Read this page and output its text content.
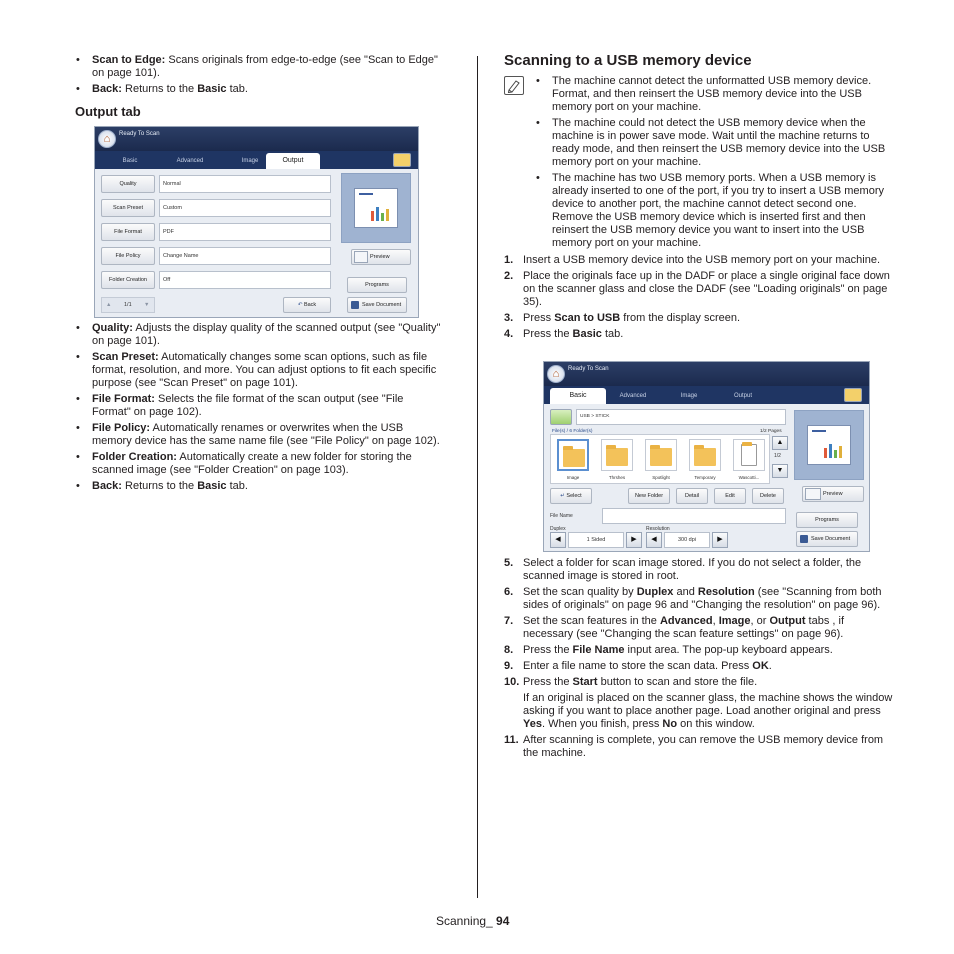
• Scan to Edge: Scans originals from edge-to-edge (see "Scan to Edge" on page 101).
• Back: Returns to the Basic tab.
Output tab
• Quality: Adjusts the display quality of the scanned output (see "Quality" on page 101).
• Scan Preset: Automatically changes some scan options, such as file format, resolution, and more. You can adjust options to fit each specific purpose (see "Scan Preset" on page 101).
• File Format: Selects the file format of the scan output (see "File Format" on page 102).
• File Policy: Automatically renames or overwrites when the USB memory device has the same name file (see "File Policy" on page 102).
• Folder Creation: Automatically create a new folder for storing the scanned image (see "Folder Creation" on page 103).
• Back: Returns to the Basic tab.
⌂	Ready To Scan
Basic	Advanced	Image	Output
Quality	Normal
Scan Preset	Custom
File Format	PDF
File Policy	Change Name
Folder Creation	Off
▲ 1/1 ▼	↶ Back
Preview
Programs
Save Document
Scanning to a USB memory device
• The machine cannot detect the unformatted USB memory device. Format, and then reinsert the USB memory device into the USB memory port on your machine.
• The machine could not detect the USB memory device when the machine is in power save mode. Wait until the machine returns to ready mode, and then reinsert the USB memory device into the USB memory port on your machine.
• The machine has two USB memory ports. When a USB memory is already inserted to one of the port, if you try to insert a USB memory device to another port, the machine cannot detect second one. Remove the USB memory device which is inserted first and then reinsert the USB memory device you want to insert into the USB memory port on your machine.
1. Insert a USB memory device into the USB memory port on your machine.
2. Place the originals face up in the DADF or place a single original face down on the scanner glass and close the DADF (see "Loading originals" on page 35).
3. Press Scan to USB from the display screen.
4. Press the Basic tab.
⌂	Ready To Scan
Basic	Advanced	Image	Output
USB > STICK
File(s) / 6 Folder(s)	1/2 Pages
Image	Thrshes	Spotlight	Temporary	Wascotti...
▲
1/2
▼
↵ Select	New Folder	Detail	Edit	Delete
File Name
Duplex
◀	1 Sided	▶
Resolution
◀	300 dpi	▶
Preview
Programs
Save Document
5. Select a folder for scan image stored. If you do not select a folder, the scanned image is stored in root.
6. Set the scan quality by Duplex and Resolution (see "Scanning from both sides of originals" on page 96 and "Changing the resolution" on page 96).
7. Set the scan features in the Advanced, Image, or Output tabs , if necessary (see "Changing the scan feature settings" on page 96).
8. Press the File Name input area. The pop-up keyboard appears.
9. Enter a file name to store the scan data. Press OK.
10. Press the Start button to scan and store the file.
If an original is placed on the scanner glass, the machine shows the window asking if you want to place another page. Load another original and press Yes. When you finish, press No on this window.
11. After scanning is complete, you can remove the USB memory device from the machine.
Scanning_ 94
